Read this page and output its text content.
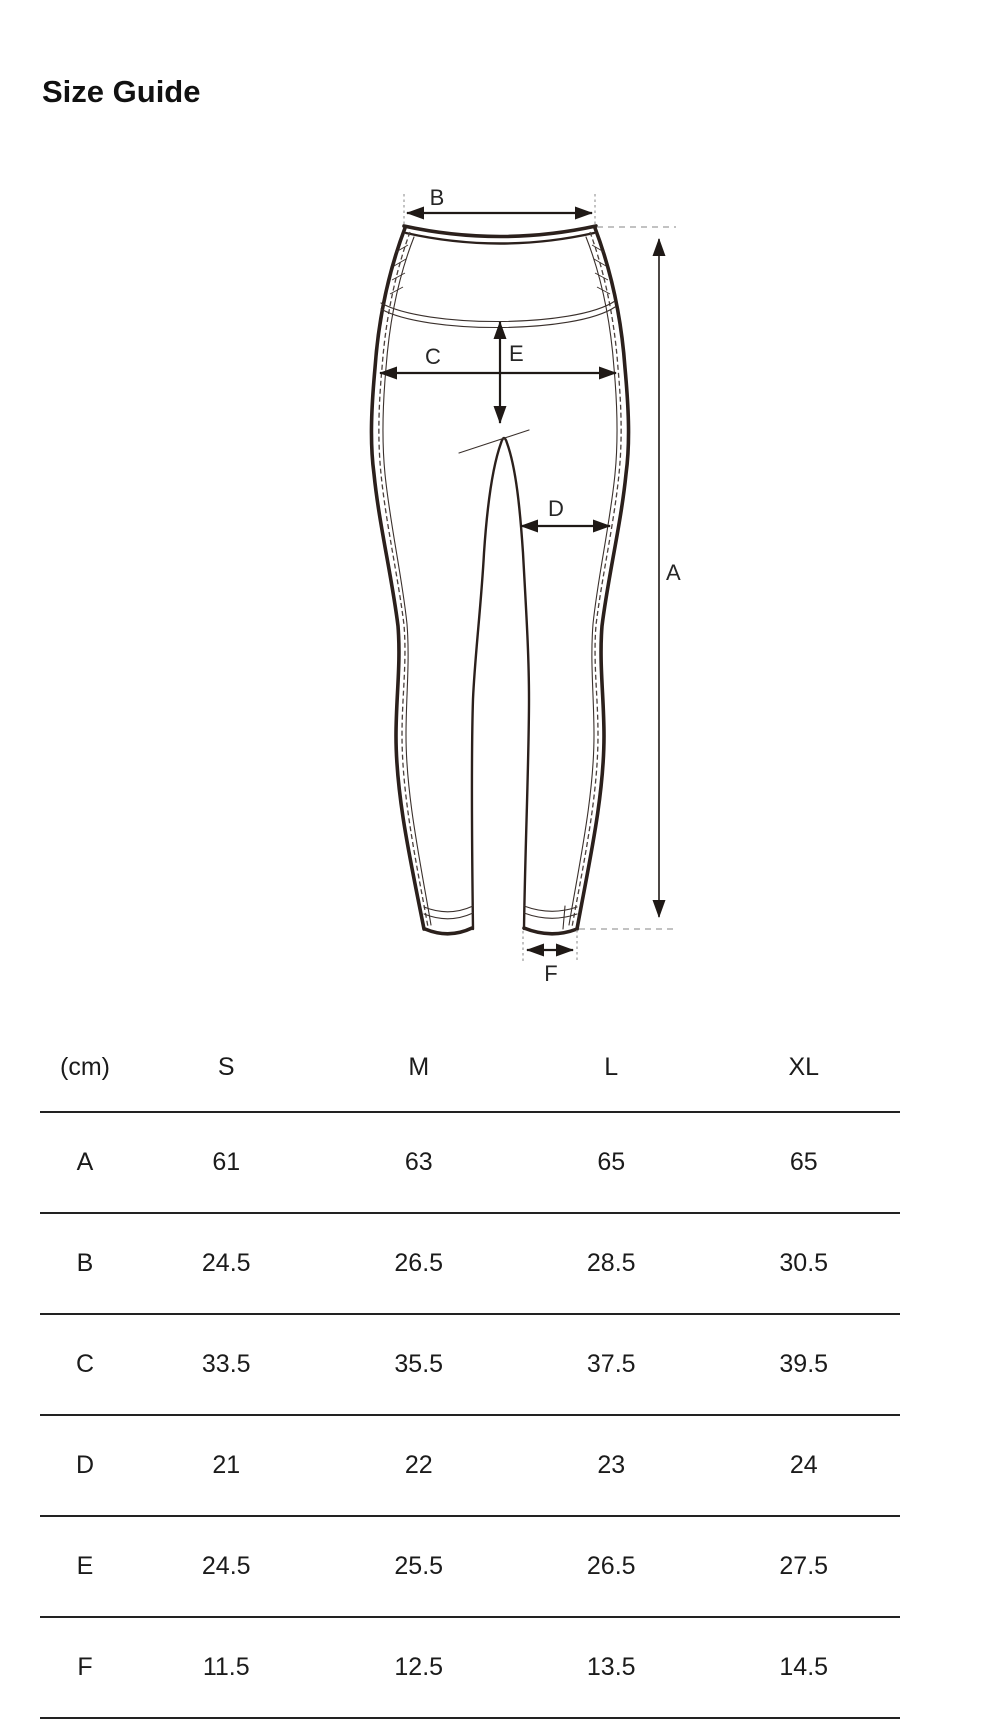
Size Guide
B
A
C	E
D
F
(cm)	S	M	L	XL
A	61	63	65	65
B	24.5	26.5	28.5	30.5
C	33.5	35.5	37.5	39.5
D	21	22	23	24
E	24.5	25.5	26.5	27.5
F	11.5	12.5	13.5	14.5
